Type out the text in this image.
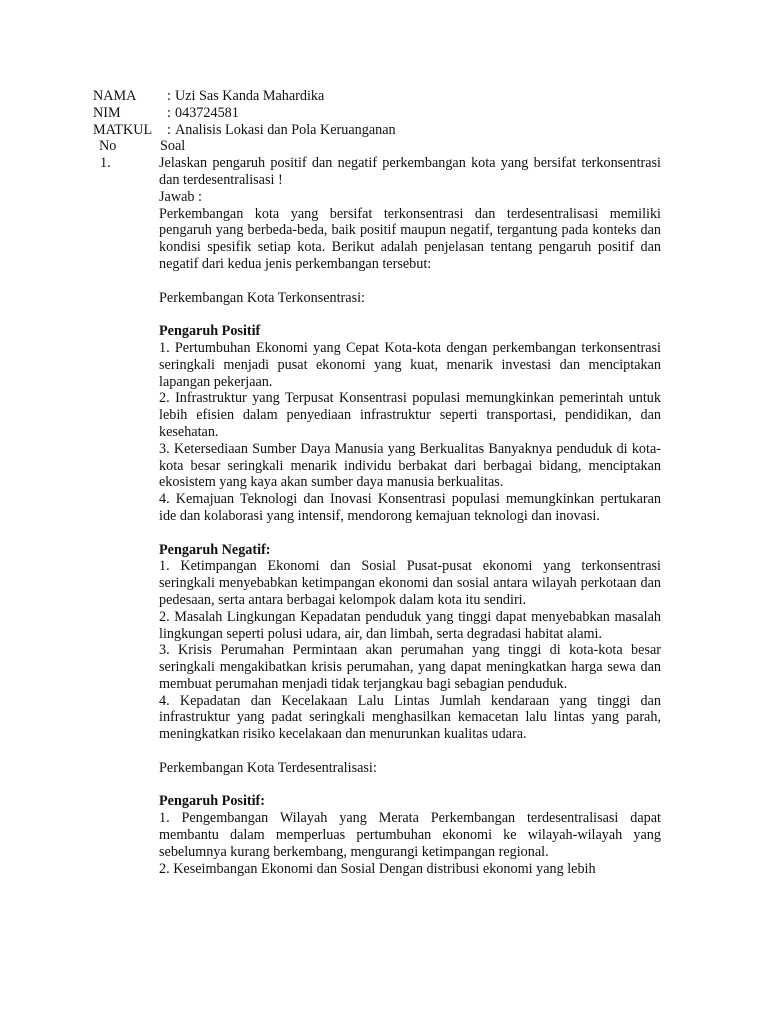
NAMA	: Uzi Sas Kanda Mahardika
NIM	: 043724581
MATKUL	: Analisis Lokasi dan Pola Keruanganan
No	Soal
1.	Jelaskan pengaruh positif dan negatif perkembangan kota yang bersifat terkonsentrasi dan terdesentralisasi !

Jawab :

Perkembangan kota yang bersifat terkonsentrasi dan terdesentralisasi memiliki pengaruh yang berbeda-beda, baik positif maupun negatif, tergantung pada konteks dan kondisi spesifik setiap kota. Berikut adalah penjelasan tentang pengaruh positif dan negatif dari kedua jenis perkembangan tersebut:

Perkembangan Kota Terkonsentrasi:

Pengaruh Positif

1. Pertumbuhan Ekonomi yang Cepat Kota-kota dengan perkembangan terkonsentrasi seringkali menjadi pusat ekonomi yang kuat, menarik investasi dan menciptakan lapangan pekerjaan.

2. Infrastruktur yang Terpusat Konsentrasi populasi memungkinkan pemerintah untuk lebih efisien dalam penyediaan infrastruktur seperti transportasi, pendidikan, dan kesehatan.

3. Ketersediaan Sumber Daya Manusia yang Berkualitas Banyaknya penduduk di kota-kota besar seringkali menarik individu berbakat dari berbagai bidang, menciptakan ekosistem yang kaya akan sumber daya manusia berkualitas.

4. Kemajuan Teknologi dan Inovasi Konsentrasi populasi memungkinkan pertukaran ide dan kolaborasi yang intensif, mendorong kemajuan teknologi dan inovasi.

Pengaruh Negatif:

1. Ketimpangan Ekonomi dan Sosial Pusat-pusat ekonomi yang terkonsentrasi seringkali menyebabkan ketimpangan ekonomi dan sosial antara wilayah perkotaan dan pedesaan, serta antara berbagai kelompok dalam kota itu sendiri.

2. Masalah Lingkungan Kepadatan penduduk yang tinggi dapat menyebabkan masalah lingkungan seperti polusi udara, air, dan limbah, serta degradasi habitat alami.

3. Krisis Perumahan Permintaan akan perumahan yang tinggi di kota-kota besar seringkali mengakibatkan krisis perumahan, yang dapat meningkatkan harga sewa dan membuat perumahan menjadi tidak terjangkau bagi sebagian penduduk.

4. Kepadatan dan Kecelakaan Lalu Lintas Jumlah kendaraan yang tinggi dan infrastruktur yang padat seringkali menghasilkan kemacetan lalu lintas yang parah, meningkatkan risiko kecelakaan dan menurunkan kualitas udara.

Perkembangan Kota Terdesentralisasi:

Pengaruh Positif:

1. Pengembangan Wilayah yang Merata Perkembangan terdesentralisasi dapat membantu dalam memperluas pertumbuhan ekonomi ke wilayah-wilayah yang sebelumnya kurang berkembang, mengurangi ketimpangan regional.

2. Keseimbangan Ekonomi dan Sosial Dengan distribusi ekonomi yang lebih
